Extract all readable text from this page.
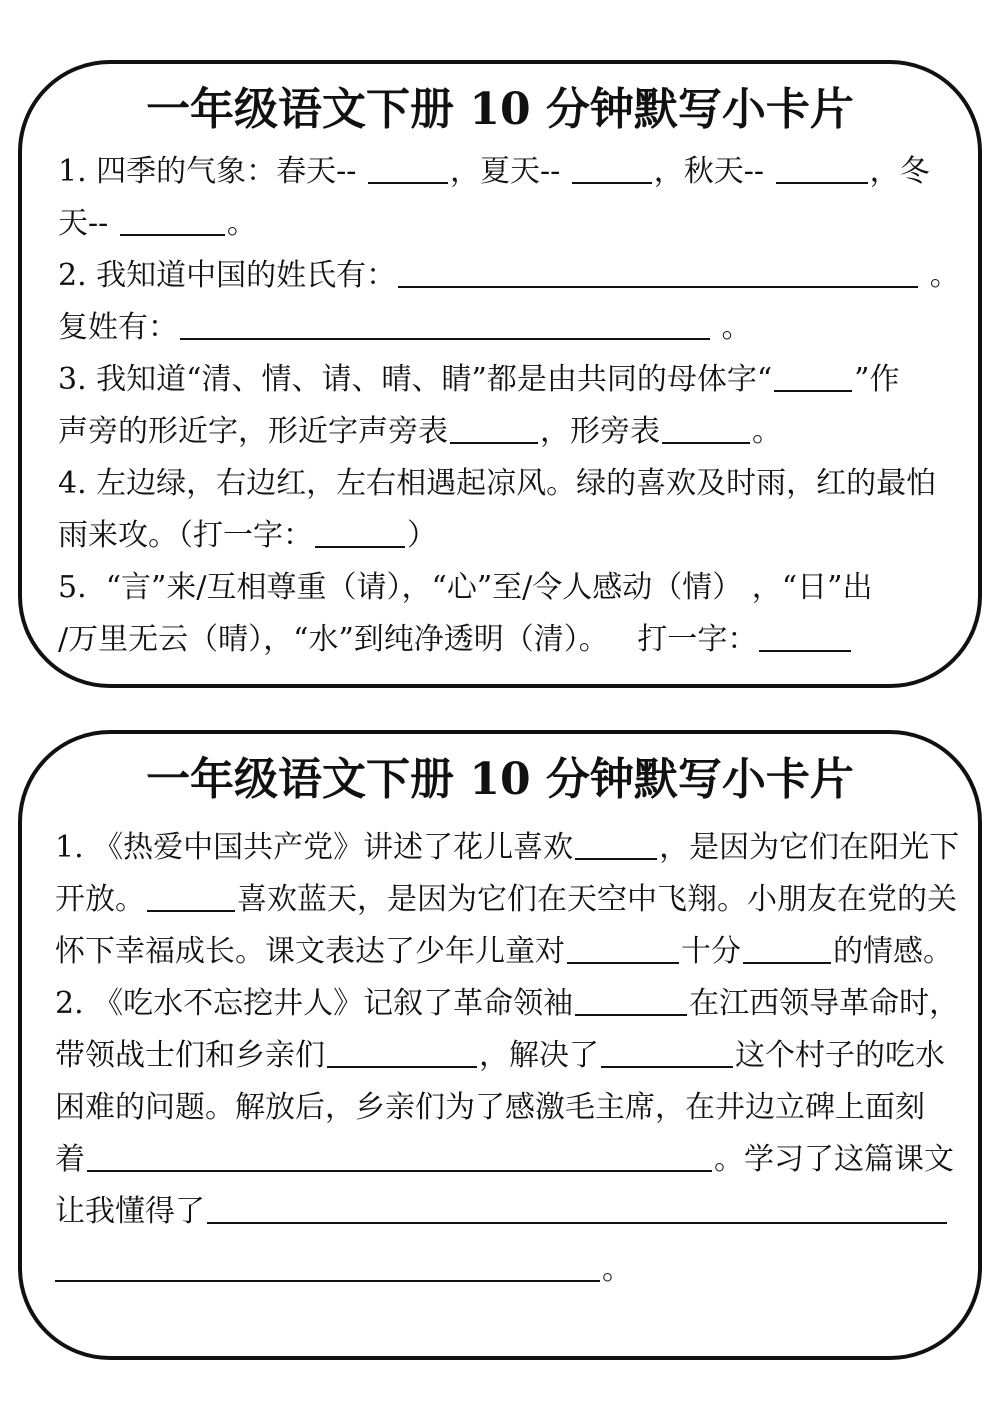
一年级语文下册 10 分钟默写小卡片
1. 四季的气象：春天--	，夏天--	，秋天--	，冬
天--	。
2. 我知道中国的姓氏有：	。
复姓有：	。
3. 我知道“清、情、请、晴、睛”都是由共同的母体字“	”作
声旁的形近字，形近字声旁表	，形旁表	。
4. 左边绿，右边红，左右相遇起凉风。绿的喜欢及时雨，红的最怕
雨来攻。（打一字：	）
5.  “言”来/互相尊重（请），“心”至/令人感动（情） ，“日”出
/万里无云（晴），“水”到纯净透明（清）。   打一字：
一年级语文下册 10 分钟默写小卡片
1. 《热爱中国共产党》讲述了花儿喜欢	，是因为它们在阳光下
开放。	喜欢蓝天，是因为它们在天空中飞翔。小朋友在党的关
怀下幸福成长。课文表达了少年儿童对	十分	的情感。
2. 《吃水不忘挖井人》记叙了革命领袖	在江西领导革命时，
带领战士们和乡亲们	，解决了	这个村子的吃水
困难的问题。解放后，乡亲们为了感激毛主席，在井边立碑上面刻
着	。学习了这篇课文
让我懂得了
。
